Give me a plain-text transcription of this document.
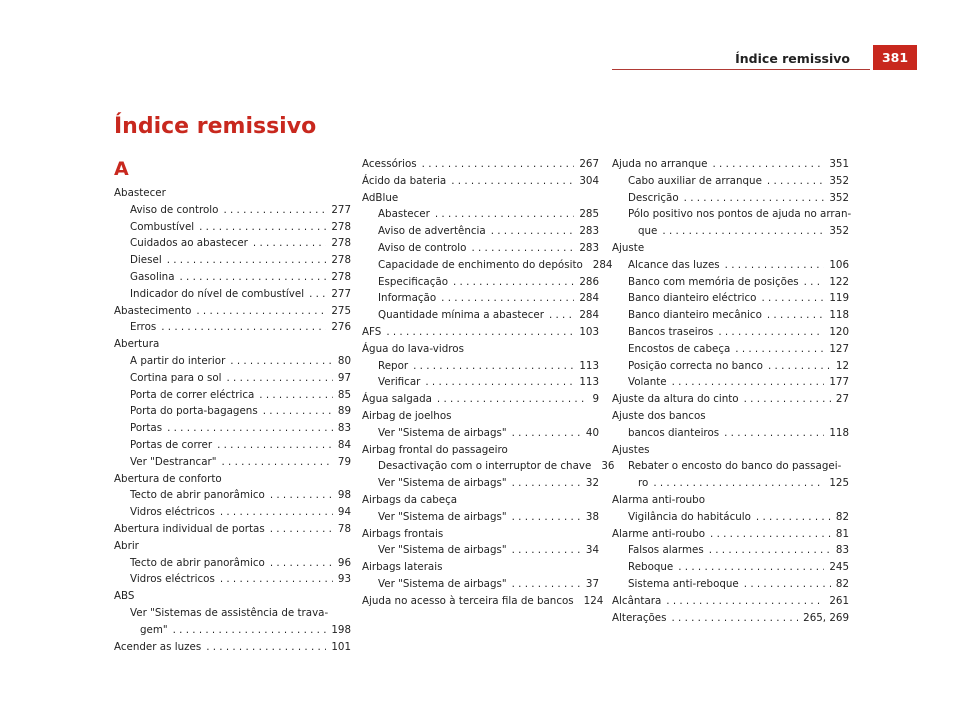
Índice remissivo	381
Índice remissivo
A
Abastecer
Aviso de controlo . . .	277
Combustível . . .	278
Cuidados ao abastecer . . .	278
Diesel . . .	278
Gasolina . . .	278
Indicador do nível de combustível . . .	277
Abastecimento . . .	275
Erros . . .	276
Abertura
A partir do interior . . .	80
Cortina para o sol . . .	97
Porta de correr eléctrica . . .	85
Porta do porta-bagagens . . .	89
Portas . . .	83
Portas de correr . . .	84
Ver "Destrancar" . . .	79
Abertura de conforto
Tecto de abrir panorâmico . . .	98
Vidros eléctricos . . .	94
Abertura individual de portas . . .	78
Abrir
Tecto de abrir panorâmico . . .	96
Vidros eléctricos . . .	93
ABS
Ver "Sistemas de assistência de trava-
gem" . . .	198
Acender as luzes . . .	101
Acessórios . . .	267
Ácido da bateria . . .	304
AdBlue
Abastecer . . .	285
Aviso de advertência . . .	283
Aviso de controlo . . .	283
Capacidade de enchimento do depósito 284
Especificação . . .	286
Informação . . .	284
Quantidade mínima a abastecer . . .	284
AFS . . .	103
Água do lava-vidros
Repor . . .	113
Verificar . . .	113
Água salgada . . .	9
Airbag de joelhos
Ver "Sistema de airbags" . . .	40
Airbag frontal do passageiro
Desactivação com o interruptor de chave 36
Ver "Sistema de airbags" . . .	32
Airbags da cabeça
Ver "Sistema de airbags" . . .	38
Airbags frontais
Ver "Sistema de airbags" . . .	34
Airbags laterais
Ver "Sistema de airbags" . . .	37
Ajuda no acesso à terceira fila de bancos 124
Ajuda no arranque . . .	351
Cabo auxiliar de arranque . . .	352
Descrição . . .	352
Pólo positivo nos pontos de ajuda no arran-
que . . .	352
Ajuste
Alcance das luzes . . .	106
Banco com memória de posições . . .	122
Banco dianteiro eléctrico . . .	119
Banco dianteiro mecânico . . .	118
Bancos traseiros . . .	120
Encostos de cabeça . . .	127
Posição correcta no banco . . .	12
Volante . . .	177
Ajuste da altura do cinto . . .	27
Ajuste dos bancos
bancos dianteiros . . .	118
Ajustes
Rebater o encosto do banco do passagei-
ro . . .	125
Alarma anti-roubo
Vigilância do habitáculo . . .	82
Alarme anti-roubo . . .	81
Falsos alarmes . . .	83
Reboque . . .	245
Sistema anti-reboque . . .	82
Alcântara . . .	261
Alterações . . .	265, 269
